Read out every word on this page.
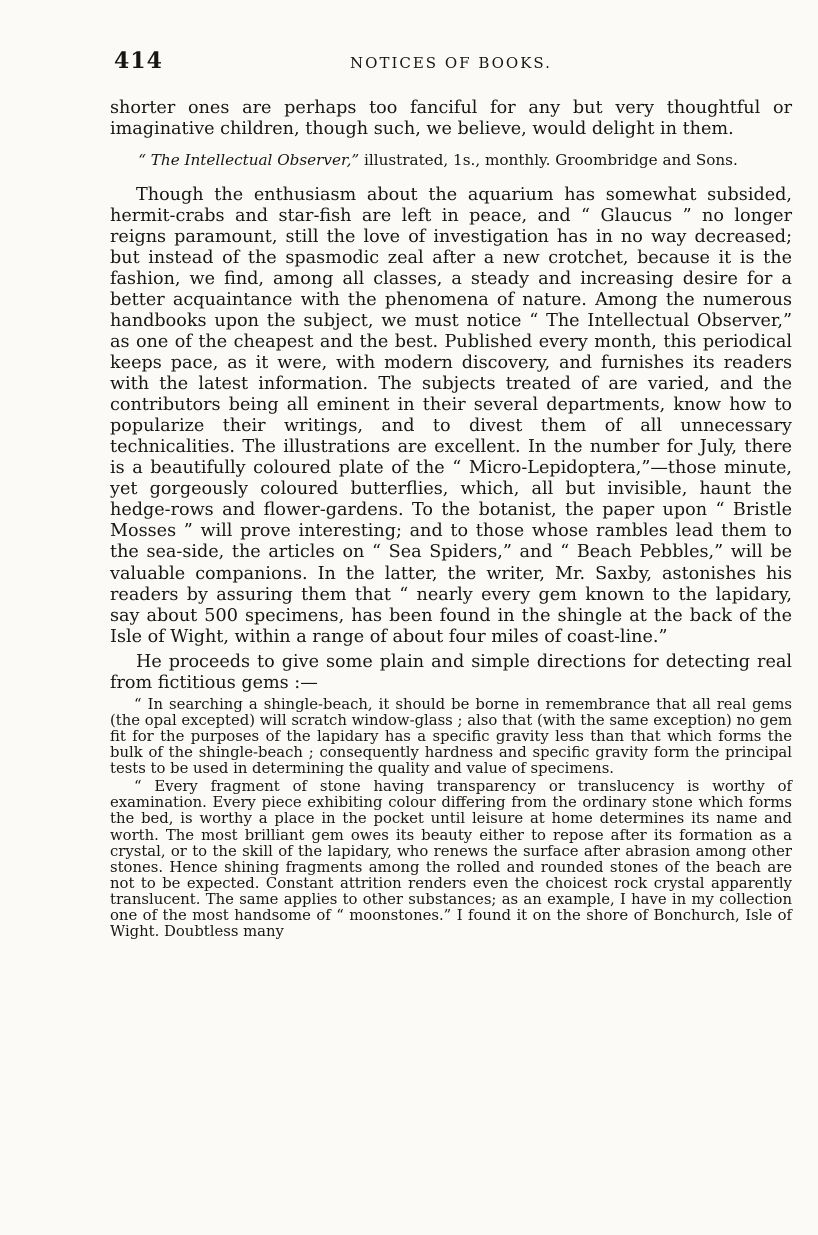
414	NOTICES OF BOOKS.

shorter ones are perhaps too fanciful for any but very thoughtful or imaginative children, though such, we believe, would delight in them.

“ The Intellectual Observer,” illustrated, 1s., monthly. Groombridge and Sons.

Though the enthusiasm about the aquarium has somewhat subsided, hermit-crabs and star-fish are left in peace, and “ Glaucus ” no longer reigns paramount, still the love of investigation has in no way decreased; but instead of the spasmodic zeal after a new crotchet, because it is the fashion, we find, among all classes, a steady and increasing desire for a better acquaintance with the phenomena of nature. Among the numerous handbooks upon the subject, we must notice “ The Intellectual Observer,” as one of the cheapest and the best. Published every month, this periodical keeps pace, as it were, with modern discovery, and furnishes its readers with the latest information. The subjects treated of are varied, and the contributors being all eminent in their several departments, know how to popularize their writings, and to divest them of all unnecessary technicalities. The illustrations are excellent. In the number for July, there is a beautifully coloured plate of the “ Micro-Lepidoptera,”—those minute, yet gorgeously coloured butterflies, which, all but invisible, haunt the hedge-rows and flower-gardens. To the botanist, the paper upon “ Bristle Mosses ” will prove interesting; and to those whose rambles lead them to the sea-side, the articles on “ Sea Spiders,” and “ Beach Pebbles,” will be valuable companions. In the latter, the writer, Mr. Saxby, astonishes his readers by assuring them that “ nearly every gem known to the lapidary, say about 500 specimens, has been found in the shingle at the back of the Isle of Wight, within a range of about four miles of coast-line.”

He proceeds to give some plain and simple directions for detecting real from fictitious gems :—

“ In searching a shingle-beach, it should be borne in remembrance that all real gems (the opal excepted) will scratch window-glass ; also that (with the same exception) no gem fit for the purposes of the lapidary has a specific gravity less than that which forms the bulk of the shingle-beach ; consequently hardness and specific gravity form the principal tests to be used in determining the quality and value of specimens.

“ Every fragment of stone having transparency or translucency is worthy of examination. Every piece exhibiting colour differing from the ordinary stone which forms the bed, is worthy a place in the pocket until leisure at home determines its name and worth. The most brilliant gem owes its beauty either to repose after its formation as a crystal, or to the skill of the lapidary, who renews the surface after abrasion among other stones. Hence shining fragments among the rolled and rounded stones of the beach are not to be expected. Constant attrition renders even the choicest rock crystal apparently translucent. The same applies to other substances; as an example, I have in my collection one of the most handsome of “ moonstones.” I found it on the shore of Bonchurch, Isle of Wight. Doubtless many
